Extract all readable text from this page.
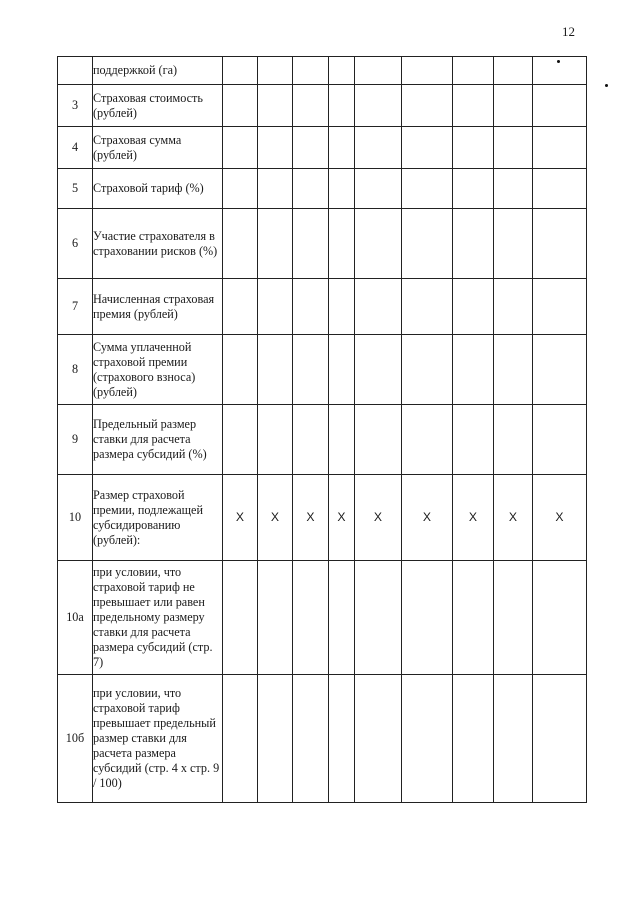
12
	поддержкой (га)									
3	Страховая стоимость (рублей)									
4	Страховая сумма (рублей)									
5	Страховой тариф (%)									
6	Участие страхователя в страховании рисков (%)									
7	Начисленная страховая премия (рублей)									
8	Сумма уплаченной страховой премии (страхового взноса) (рублей)									
9	Предельный размер ставки для расчета размера субсидий (%)									
10	Размер страховой премии, подлежащей субсидированию (рублей):	X	X	X	X	X	X	X	X	X
10а	при условии, что страховой тариф не превышает или равен предельному размеру ставки для расчета размера субсидий (стр. 7)									
10б	при условии, что страховой тариф превышает предельный размер ставки для расчета размера субсидий (стр. 4 х стр. 9 / 100)									
